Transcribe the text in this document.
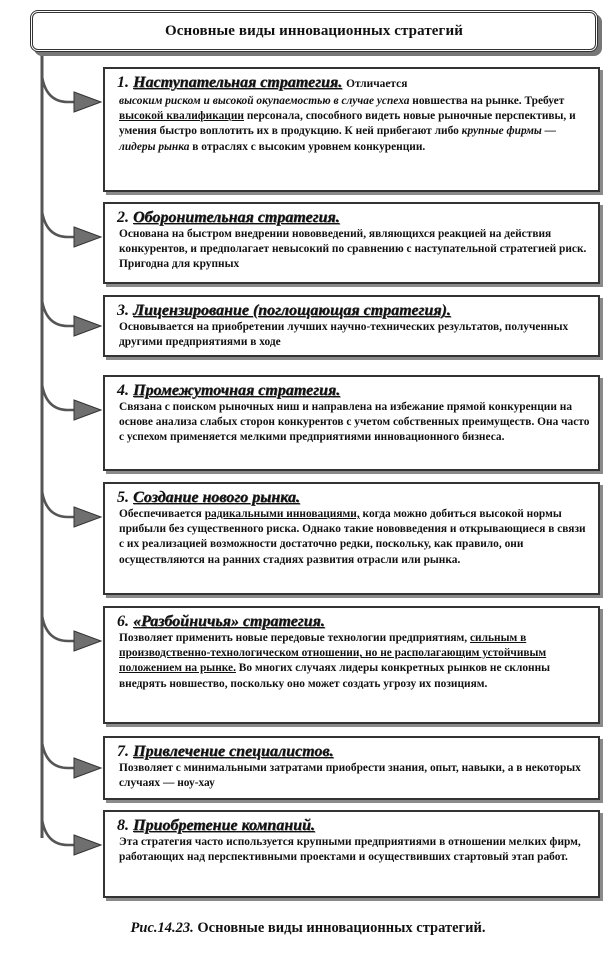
Основные виды инновационных стратегий
1. Наступательная стратегия. Отличается
высоким риском и высокой окупаемостью в случае успеха новшества на рынке. Требует высокой квалификации персонала, способного видеть новые рыночные перспективы, и умения быстро воплотить их в продукцию. К ней прибегают либо крупные фирмы — лидеры рынка в отраслях с высоким уровнем конкуренции.
2. Оборонительная стратегия.
Основана на быстром внедрении нововведений, являющихся реакцией на действия конкурентов, и предполагает невысокий по сравнению с наступательной стратегией риск. Пригодна для крупных
3. Лицензирование (поглощающая стратегия).
Основывается на приобретении лучших научно-технических результатов, полученных другими предприятиями в ходе
4. Промежуточная стратегия.
Связана с поиском рыночных ниш и направлена на избежание прямой конкуренции на основе анализа слабых сторон конкурентов с учетом собственных преимуществ. Она часто с успехом применяется мелкими предприятиями инновационного бизнеса.
5. Создание нового рынка.
Обеспечивается радикальными инновациями, когда можно добиться высокой нормы прибыли без существенного риска. Однако такие нововведения и открывающиеся в связи с их реализацией возможности достаточно редки, поскольку, как правило, они осуществляются на ранних стадиях развития отрасли или рынка.
6. «Разбойничья» стратегия.
Позволяет применить новые передовые технологии предприятиям, сильным в производственно-технологическом отношении, но не располагающим устойчивым положением на рынке. Во многих случаях лидеры конкретных рынков не склонны внедрять новшество, поскольку оно может создать угрозу их позициям.
7. Привлечение специалистов.
Позволяет с минимальными затратами приобрести знания, опыт, навыки, а в некоторых случаях — ноу-хау
8. Приобретение компаний.
Эта стратегия часто используется крупными предприятиями в отношении мелких фирм, работающих над перспективными проектами и осуществивших стартовый этап работ.
Рис.14.23. Основные виды инновационных стратегий.
